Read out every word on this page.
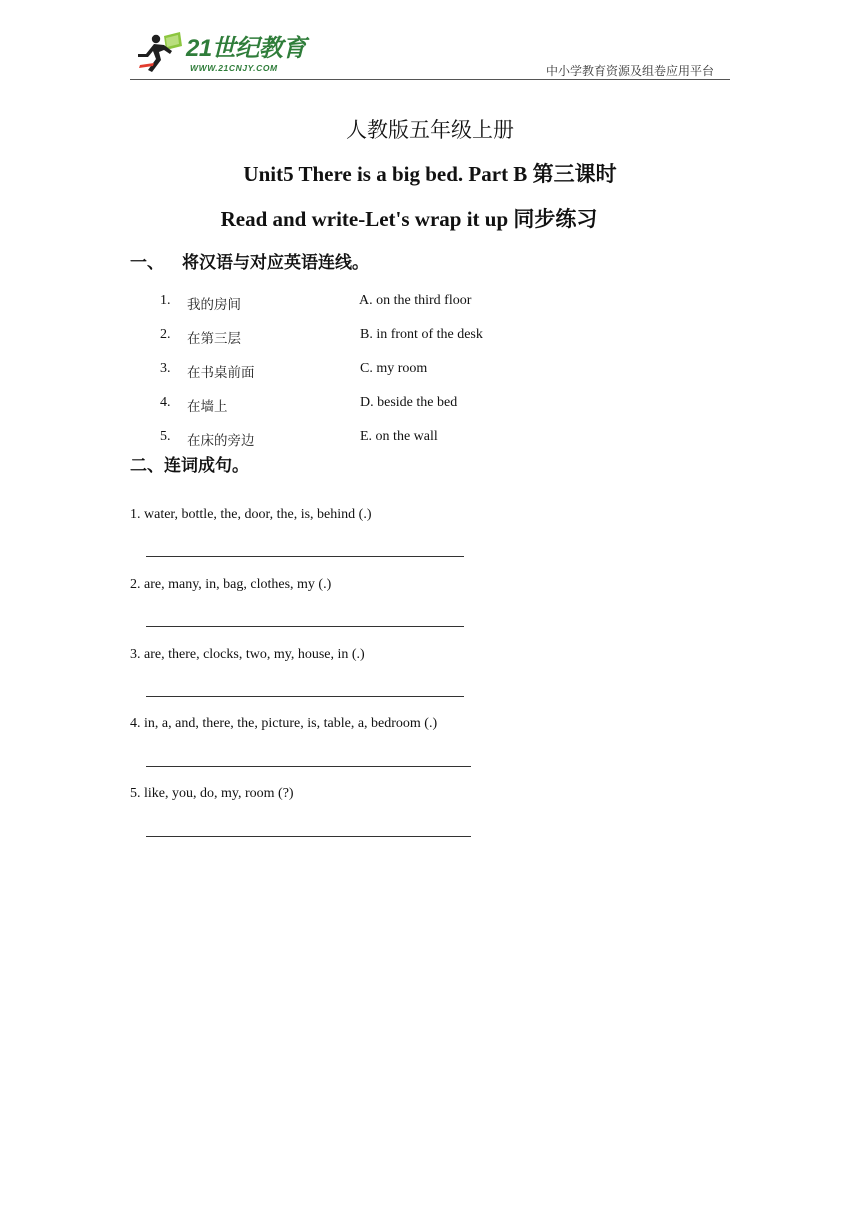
21世纪教育
WWW.21CNJY.COM	中小学教育资源及组卷应用平台
人教版五年级上册
Unit5 There is a big bed. Part B 第三课时
Read and write-Let's wrap it up 同步练习
一、 将汉语与对应英语连线。
1. 我的房间	A. on the third floor
2. 在第三层	B. in front of the desk
3. 在书桌前面	C. my room
4. 在墙上	D. beside the bed
5. 在床的旁边	E. on the wall
二、连词成句。
1. water, bottle, the, door, the, is, behind (.)
2. are, many, in, bag, clothes, my (.)
3. are, there, clocks, two, my, house, in (.)
4. in, a, and, there, the, picture, is, table, a, bedroom (.)
5. like, you, do, my, room (?)
